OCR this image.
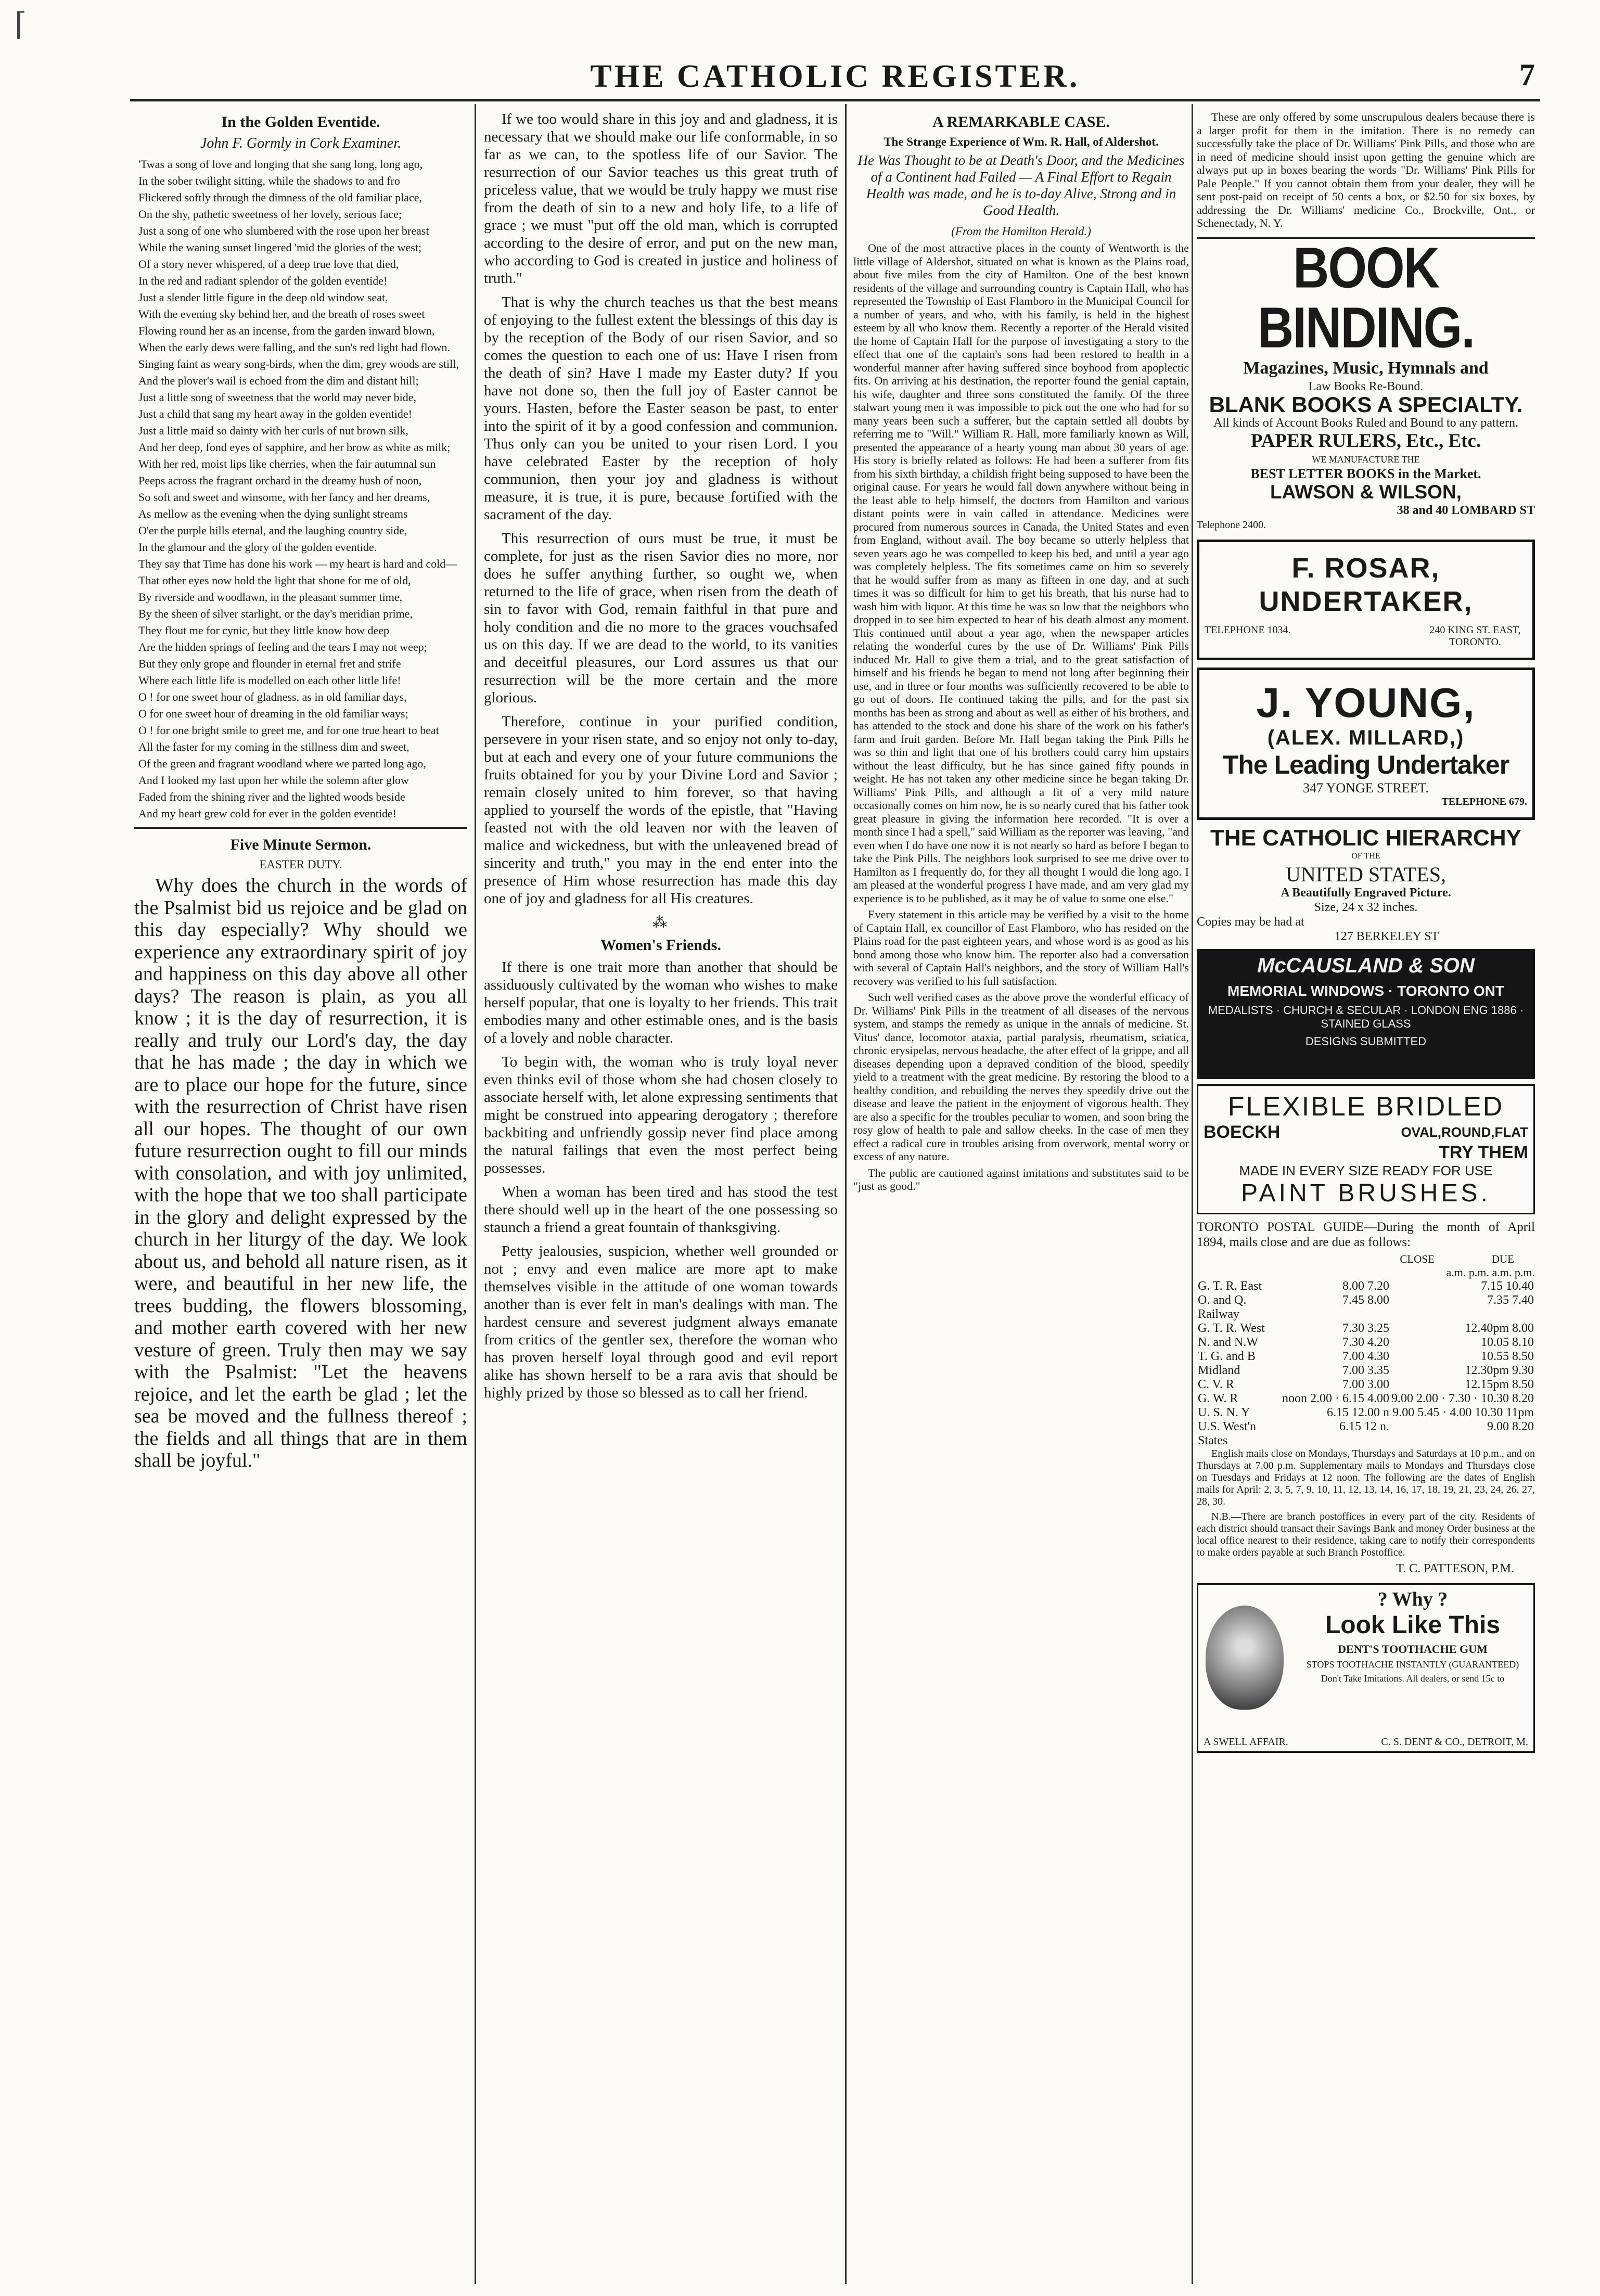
⌈
THE CATHOLIC REGISTER.	7
In the Golden Eventide.
John F. Gormly in Cork Examiner.

'Twas a song of love and longing that she sang long, long ago,

In the sober twilight sitting, while the shadows to and fro

Flickered softly through the dimness of the old familiar place,

On the shy, pathetic sweetness of her lovely, serious face;

Just a song of one who slumbered with the rose upon her breast

While the waning sunset lingered 'mid the glories of the west;

Of a story never whispered, of a deep true love that died,

In the red and radiant splendor of the golden eventide!

Just a slender little figure in the deep old window seat,

With the evening sky behind her, and the breath of roses sweet

Flowing round her as an incense, from the garden inward blown,

When the early dews were falling, and the sun's red light had flown.

Singing faint as weary song-birds, when the dim, grey woods are still,

And the plover's wail is echoed from the dim and distant hill;

Just a little song of sweetness that the world may never bide,

Just a child that sang my heart away in the golden eventide!

Just a little maid so dainty with her curls of nut brown silk,

And her deep, fond eyes of sapphire, and her brow as white as milk;

With her red, moist lips like cherries, when the fair autumnal sun

Peeps across the fragrant orchard in the dreamy hush of noon,

So soft and sweet and winsome, with her fancy and her dreams,

As mellow as the evening when the dying sunlight streams

O'er the purple hills eternal, and the laughing country side,

In the glamour and the glory of the golden eventide.

They say that Time has done his work — my heart is hard and cold—

That other eyes now hold the light that shone for me of old,

By riverside and woodlawn, in the pleasant summer time,

By the sheen of silver starlight, or the day's meridian prime,

They flout me for cynic, but they little know how deep

Are the hidden springs of feeling and the tears I may not weep;

But they only grope and flounder in eternal fret and strife

Where each little life is modelled on each other little life!

O ! for one sweet hour of gladness, as in old familiar days,

O for one sweet hour of dreaming in the old familiar ways;

O ! for one bright smile to greet me, and for one true heart to beat

All the faster for my coming in the stillness dim and sweet,

Of the green and fragrant woodland where we parted long ago,

And I looked my last upon her while the solemn after glow

Faded from the shining river and the lighted woods beside

And my heart grew cold for ever in the golden eventide!

Five Minute Sermon.
EASTER DUTY.

Why does the church in the words of the Psalmist bid us rejoice and be glad on this day especially? Why should we experience any extraordinary spirit of joy and happiness on this day above all other days? The reason is plain, as you all know ; it is the day of resurrection, it is really and truly our Lord's day, the day that he has made ; the day in which we are to place our hope for the future, since with the resurrection of Christ have risen all our hopes. The thought of our own future resurrection ought to fill our minds with consolation, and with joy unlimited, with the hope that we too shall participate in the glory and delight expressed by the church in her liturgy of the day. We look about us, and behold all nature risen, as it were, and beautiful in her new life, the trees budding, the flowers blossoming, and mother earth covered with her new vesture of green. Truly then may we say with the Psalmist: "Let the heavens rejoice, and let the earth be glad ; let the sea be moved and the fullness thereof ; the fields and all things that are in them shall be joyful."

If we too would share in this joy and and gladness, it is necessary that we should make our life conformable, in so far as we can, to the spotless life of our Savior. The resurrection of our Savior teaches us this great truth of priceless value, that we would be truly happy we must rise from the death of sin to a new and holy life, to a life of grace ; we must "put off the old man, which is corrupted according to the desire of error, and put on the new man, who according to God is created in justice and holiness of truth."

That is why the church teaches us that the best means of enjoying to the fullest extent the blessings of this day is by the reception of the Body of our risen Savior, and so comes the question to each one of us: Have I risen from the death of sin? Have I made my Easter duty? If you have not done so, then the full joy of Easter cannot be yours. Hasten, before the Easter season be past, to enter into the spirit of it by a good confession and communion. Thus only can you be united to your risen Lord. I you have celebrated Easter by the reception of holy communion, then your joy and gladness is without measure, it is true, it is pure, because fortified with the sacrament of the day.

This resurrection of ours must be true, it must be complete, for just as the risen Savior dies no more, nor does he suffer anything further, so ought we, when returned to the life of grace, when risen from the death of sin to favor with God, remain faithful in that pure and holy condition and die no more to the graces vouchsafed us on this day. If we are dead to the world, to its vanities and deceitful pleasures, our Lord assures us that our resurrection will be the more certain and the more glorious.

Therefore, continue in your purified condition, persevere in your risen state, and so enjoy not only to-day, but at each and every one of your future communions the fruits obtained for you by your Divine Lord and Savior ; remain closely united to him forever, so that having applied to yourself the words of the epistle, that "Having feasted not with the old leaven nor with the leaven of malice and wickedness, but with the unleavened bread of sincerity and truth," you may in the end enter into the presence of Him whose resurrection has made this day one of joy and gladness for all His creatures.

⁂
Women's Friends.

If there is one trait more than another that should be assiduously cultivated by the woman who wishes to make herself popular, that one is loyalty to her friends. This trait embodies many and other estimable ones, and is the basis of a lovely and noble character.

To begin with, the woman who is truly loyal never even thinks evil of those whom she had chosen closely to associate herself with, let alone expressing sentiments that might be construed into appearing derogatory ; therefore backbiting and unfriendly gossip never find place among the natural failings that even the most perfect being possesses.

When a woman has been tired and has stood the test there should well up in the heart of the one possessing so staunch a friend a great fountain of thanksgiving.

Petty jealousies, suspicion, whether well grounded or not ; envy and even malice are more apt to make themselves visible in the attitude of one woman towards another than is ever felt in man's dealings with man. The hardest censure and severest judgment always emanate from critics of the gentler sex, therefore the woman who has proven herself loyal through good and evil report alike has shown herself to be a rara avis that should be highly prized by those so blessed as to call her friend.

A REMARKABLE CASE.
The Strange Experience of Wm. R. Hall, of Aldershot.
He Was Thought to be at Death's Door, and the Medicines of a Continent had Failed — A Final Effort to Regain Health was made, and he is to-day Alive, Strong and in Good Health.
(From the Hamilton Herald.)

One of the most attractive places in the county of Wentworth is the little village of Aldershot, situated on what is known as the Plains road, about five miles from the city of Hamilton. One of the best known residents of the village and surrounding country is Captain Hall, who has represented the Township of East Flamboro in the Municipal Council for a number of years, and who, with his family, is held in the highest esteem by all who know them. Recently a reporter of the Herald visited the home of Captain Hall for the purpose of investigating a story to the effect that one of the captain's sons had been restored to health in a wonderful manner after having suffered since boyhood from apoplectic fits. On arriving at his destination, the reporter found the genial captain, his wife, daughter and three sons constituted the family. Of the three stalwart young men it was impossible to pick out the one who had for so many years been such a sufferer, but the captain settled all doubts by referring me to "Will." William R. Hall, more familiarly known as Will, presented the appearance of a hearty young man about 30 years of age. His story is briefly related as follows: He had been a sufferer from fits from his sixth birthday, a childish fright being supposed to have been the original cause. For years he would fall down anywhere without being in the least able to help himself, the doctors from Hamilton and various distant points were in vain called in attendance. Medicines were procured from numerous sources in Canada, the United States and even from England, without avail. The boy became so utterly helpless that seven years ago he was compelled to keep his bed, and until a year ago was completely helpless. The fits sometimes came on him so severely that he would suffer from as many as fifteen in one day, and at such times it was so difficult for him to get his breath, that his nurse had to wash him with liquor. At this time he was so low that the neighbors who dropped in to see him expected to hear of his death almost any moment. This continued until about a year ago, when the newspaper articles relating the wonderful cures by the use of Dr. Williams' Pink Pills induced Mr. Hall to give them a trial, and to the great satisfaction of himself and his friends he began to mend not long after beginning their use, and in three or four months was sufficiently recovered to be able to go out of doors. He continued taking the pills, and for the past six months has been as strong and about as well as either of his brothers, and has attended to the stock and done his share of the work on his father's farm and fruit garden. Before Mr. Hall began taking the Pink Pills he was so thin and light that one of his brothers could carry him upstairs without the least difficulty, but he has since gained fifty pounds in weight. He has not taken any other medicine since he began taking Dr. Williams' Pink Pills, and although a fit of a very mild nature occasionally comes on him now, he is so nearly cured that his father took great pleasure in giving the information here recorded. "It is over a month since I had a spell," said William as the reporter was leaving, "and even when I do have one now it is not nearly so hard as before I began to take the Pink Pills. The neighbors look surprised to see me drive over to Hamilton as I frequently do, for they all thought I would die long ago. I am pleased at the wonderful progress I have made, and am very glad my experience is to be published, as it may be of value to some one else."

Every statement in this article may be verified by a visit to the home of Captain Hall, ex councillor of East Flamboro, who has resided on the Plains road for the past eighteen years, and whose word is as good as his bond among those who know him. The reporter also had a conversation with several of Captain Hall's neighbors, and the story of William Hall's recovery was verified to his full satisfaction.

Such well verified cases as the above prove the wonderful efficacy of Dr. Williams' Pink Pills in the treatment of all diseases of the nervous system, and stamps the remedy as unique in the annals of medicine. St. Vitus' dance, locomotor ataxia, partial paralysis, rheumatism, sciatica, chronic erysipelas, nervous headache, the after effect of la grippe, and all diseases depending upon a depraved condition of the blood, speedily yield to a treatment with the great medicine. By restoring the blood to a healthy condition, and rebuilding the nerves they speedily drive out the disease and leave the patient in the enjoyment of vigorous health. They are also a specific for the troubles peculiar to women, and soon bring the rosy glow of health to pale and sallow cheeks. In the case of men they effect a radical cure in troubles arising from overwork, mental worry or excess of any nature.

The public are cautioned against imitations and substitutes said to be "just as good."

These are only offered by some unscrupulous dealers because there is a larger profit for them in the imitation. There is no remedy can successfully take the place of Dr. Williams' Pink Pills, and those who are in need of medicine should insist upon getting the genuine which are always put up in boxes bearing the words "Dr. Williams' Pink Pills for Pale People." If you cannot obtain them from your dealer, they will be sent post-paid on receipt of 50 cents a box, or $2.50 for six boxes, by addressing the Dr. Williams' medicine Co., Brockville, Ont., or Schenectady, N. Y.

BOOK BINDING.
Magazines, Music, Hymnals and
Law Books Re-Bound.
BLANK BOOKS A SPECIALTY.
All kinds of Account Books Ruled and Bound to any pattern.
PAPER RULERS, Etc., Etc.
WE MANUFACTURE THE
BEST LETTER BOOKS in the Market.
LAWSON & WILSON,
38 and 40 LOMBARD ST
Telephone 2400.
F. ROSAR,
UNDERTAKER,
TELEPHONE 1034.	240 KING ST. EAST, TORONTO.
J. YOUNG,
(ALEX. MILLARD,)
The Leading Undertaker
347 YONGE STREET.
TELEPHONE 679.
THE CATHOLIC HIERARCHY
OF THE
UNITED STATES,
A Beautifully Engraved Picture.
Size, 24 x 32 inches.
Copies may be had at
127 BERKELEY ST
McCAUSLAND & SON
MEMORIAL WINDOWS · TORONTO ONT
MEDALISTS · CHURCH & SECULAR · LONDON ENG 1886 · STAINED GLASS
DESIGNS SUBMITTED
FLEXIBLE BRIDLED
BOECKH	OVAL,ROUND,FLAT
TRY THEM
MADE IN EVERY SIZE READY FOR USE
PAINT BRUSHES.

TORONTO POSTAL GUIDE—During the month of April 1894, mails close and are due as follows:

CLOSE	DUE
a.m. p.m. a.m. p.m.
G. T. R. East	8.00 7.20	7.15 10.40
O. and Q. Railway	7.45 8.00	7.35 7.40
G. T. R. West	7.30 3.25	12.40pm 8.00
N. and N.W	7.30 4.20	10.05 8.10
T. G. and B	7.00 4.30	10.55 8.50
Midland	7.00 3.35	12.30pm 9.30
C. V. R	7.00 3.00	12.15pm 8.50
G. W. R	noon 2.00 · 6.15 4.00	9.00 2.00 · 7.30 · 10.30 8.20
U. S. N. Y	6.15 12.00 n	9.00 5.45 · 4.00 10.30 11pm
U.S. West'n States	6.15 12 n.	9.00 8.20

English mails close on Mondays, Thursdays and Saturdays at 10 p.m., and on Thursdays at 7.00 p.m. Supplementary mails to Mondays and Thursdays close on Tuesdays and Fridays at 12 noon. The following are the dates of English mails for April: 2, 3, 5, 7, 9, 10, 11, 12, 13, 14, 16, 17, 18, 19, 21, 23, 24, 26, 27, 28, 30.

N.B.—There are branch postoffices in every part of the city. Residents of each district should transact their Savings Bank and money Order business at the local office nearest to their residence, taking care to notify their correspondents to make orders payable at such Branch Postoffice.

T. C. PATTESON, P.M.
? Why ?
Look Like This
DENT'S TOOTHACHE GUM
STOPS TOOTHACHE INSTANTLY (GUARANTEED)
Don't Take Imitations. All dealers, or send 15c to
A SWELL AFFAIR.	C. S. DENT & CO., DETROIT, M.
